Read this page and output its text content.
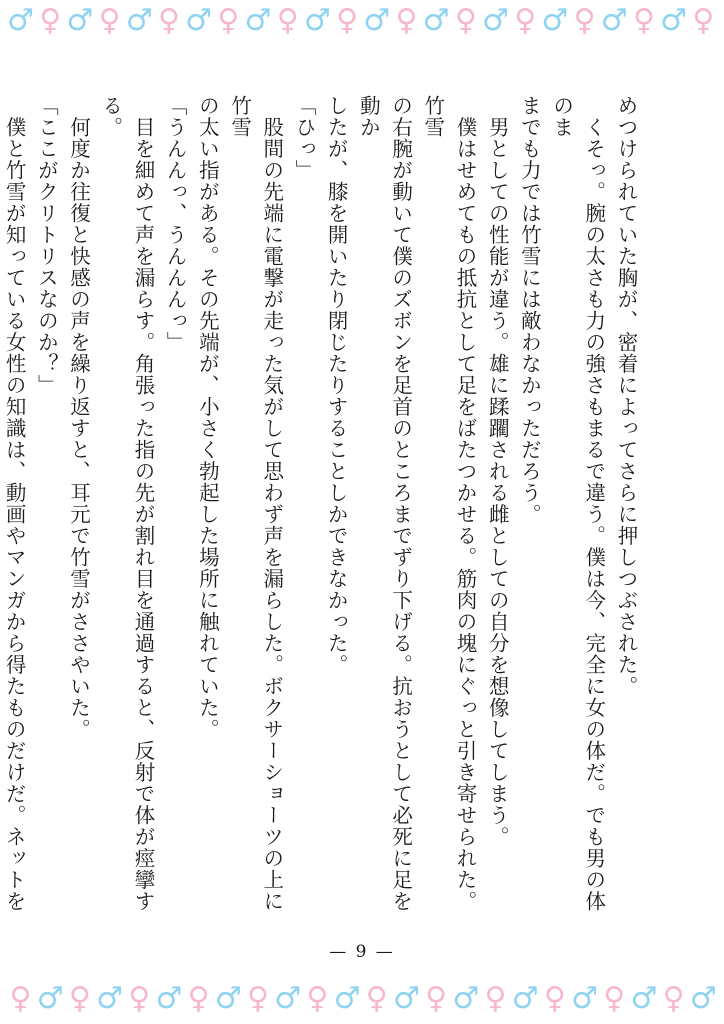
♂ ♀ ♂ ♀ ♂ ♀ ♂ ♀ ♂ ♀ ♂ ♀ ♂ ♀ ♂ ♀ ♂ ♀ ♂ ♀ ♂ ♀ ♂ ♀
めつけられていた胸が、密着によってさらに押しつぶされた。
　くそっ。腕の太さも力の強さもまるで違う。僕は今、完全に女の体だ。でも男の体のま
までも力では竹雪には敵わなかっただろう。
　男としての性能が違う。雄に蹂躙される雌としての自分を想像してしまう。
　僕はせめてもの抵抗として足をばたつかせる。筋肉の塊にぐっと引き寄せられた。竹雪
の右腕が動いて僕のズボンを足首のところまでずり下げる。抗おうとして必死に足を動か
したが、膝を開いたり閉じたりすることしかできなかった。
「ひっ」
　股間の先端に電撃が走った気がして思わず声を漏らした。ボクサーショーツの上に竹雪
の太い指がある。その先端が、小さく勃起した場所に触れていた。
「うんんっ、うんんんっ」
　目を細めて声を漏らす。角張った指の先が割れ目を通過すると、反射で体が痙攣する。
　何度か往復と快感の声を繰り返すと、耳元で竹雪がささやいた。
「ここがクリトリスなのか？」
　僕と竹雪が知っている女性の知識は、動画やマンガから得たものだけだ。ネットを
— 9 —
♀ ♂ ♀ ♂ ♀ ♂ ♀ ♂ ♀ ♂ ♀ ♂ ♀ ♂ ♀ ♂ ♀ ♂ ♀ ♂ ♀ ♂ ♀ ♂
